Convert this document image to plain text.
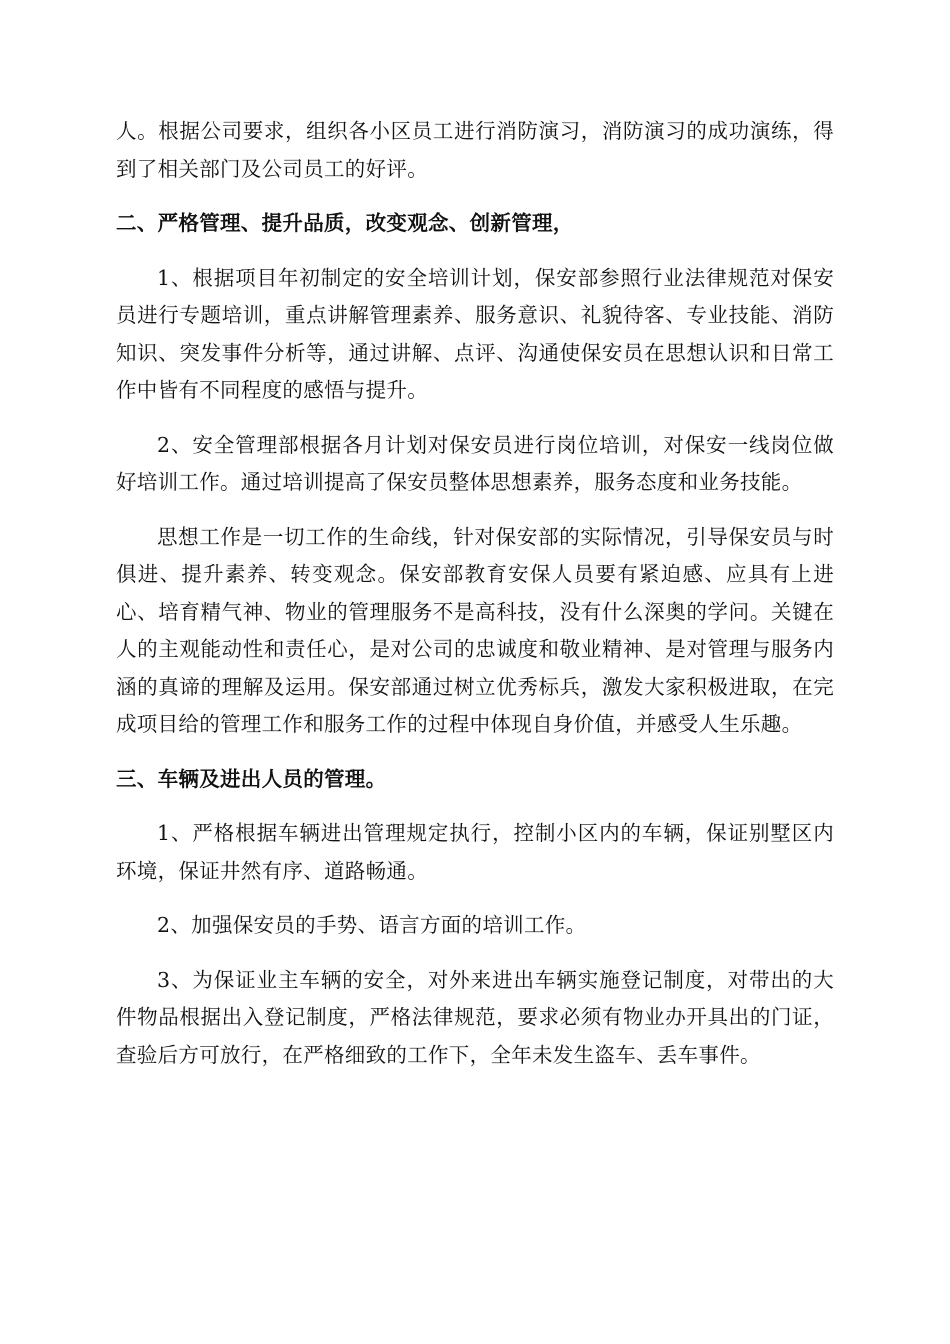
人。根据公司要求，组织各小区员工进行消防演习，消防演习的成功演练，得到了相关部门及公司员工的好评。

二、严格管理、提升品质，改变观念、创新管理，

1、根据项目年初制定的安全培训计划，保安部参照行业法律规范对保安员进行专题培训，重点讲解管理素养、服务意识、礼貌待客、专业技能、消防知识、突发事件分析等，通过讲解、点评、沟通使保安员在思想认识和日常工作中皆有不同程度的感悟与提升。

2、安全管理部根据各月计划对保安员进行岗位培训，对保安一线岗位做好培训工作。通过培训提高了保安员整体思想素养，服务态度和业务技能。

思想工作是一切工作的生命线，针对保安部的实际情况，引导保安员与时俱进、提升素养、转变观念。保安部教育安保人员要有紧迫感、应具有上进心、培育精气神、物业的管理服务不是高科技，没有什么深奥的学问。关键在人的主观能动性和责任心，是对公司的忠诚度和敬业精神、是对管理与服务内涵的真谛的理解及运用。保安部通过树立优秀标兵，激发大家积极进取，在完成项目给的管理工作和服务工作的过程中体现自身价值，并感受人生乐趣。

三、车辆及进出人员的管理。

1、严格根据车辆进出管理规定执行，控制小区内的车辆，保证别墅区内环境，保证井然有序、道路畅通。

2、加强保安员的手势、语言方面的培训工作。

3、为保证业主车辆的安全，对外来进出车辆实施登记制度，对带出的大件物品根据出入登记制度，严格法律规范，要求必须有物业办开具出的门证，查验后方可放行，在严格细致的工作下，全年未发生盗车、丢车事件。
